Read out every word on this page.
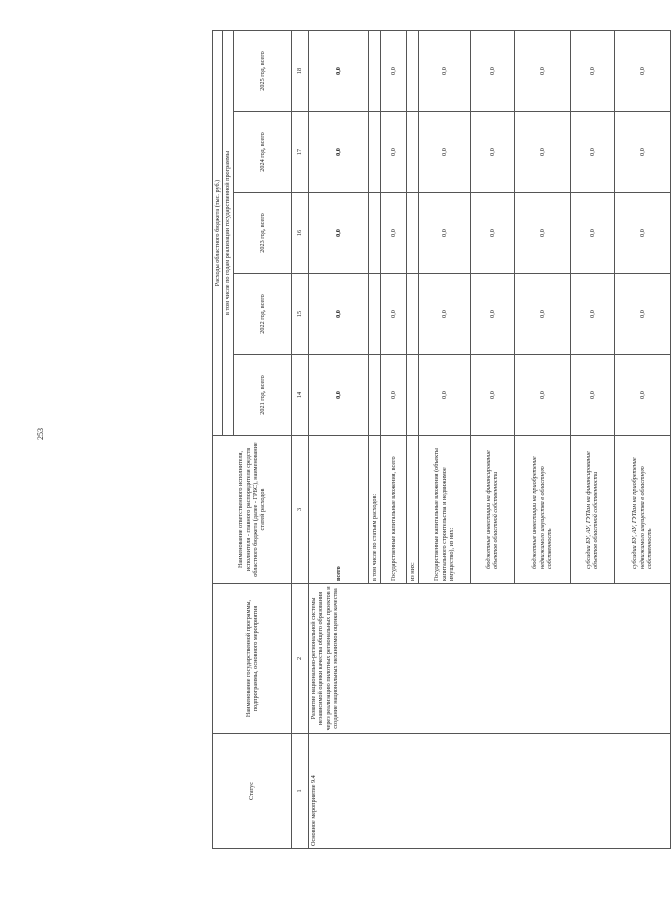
253
Статус	Наименование государственной программы, подпрограммы, основного мероприятия	Наименование ответственного исполнителя, исполнителя - главного распорядителя средств областного бюджета (далее - ГРБС), наименование статей расходов	Расходы областного бюджета (тыс. руб.)				
			в том числе по годам реализации государственной программы				
			2021 год, всего	2022 год, всего	2023 год, всего	2024 год, всего	2025 год, всего
1	2	3	14	15	16	17	18
Основное мероприятие 9.4	Развитие национально-региональной системы независимой оценки качества общего образования через реализацию пилотных региональных проектов и создание национальных механизмов оценки качества	всего	0,0	0,0	0,0	0,0	0,0
		в том числе по статьям расходов:					
		Государственные капитальные вложения, всего	0,0	0,0	0,0	0,0	0,0
		из них:					
		Государственные капитальные вложения (объекты капитального строительства и недвижимое имущество), из них:	0,0	0,0	0,0	0,0	0,0
		бюджетные инвестиции на финансирование объектов областной собственности	0,0	0,0	0,0	0,0	0,0
		бюджетные инвестиции на приобретение недвижимого имущества в областную собственность	0,0	0,0	0,0	0,0	0,0
		субсидии БУ, АУ, ГУПам на финансирование объектов областной собственности	0,0	0,0	0,0	0,0	0,0
		субсидии БУ, АУ, ГУПам на приобретение недвижимого имущества в областную собственность	0,0	0,0	0,0	0,0	0,0
